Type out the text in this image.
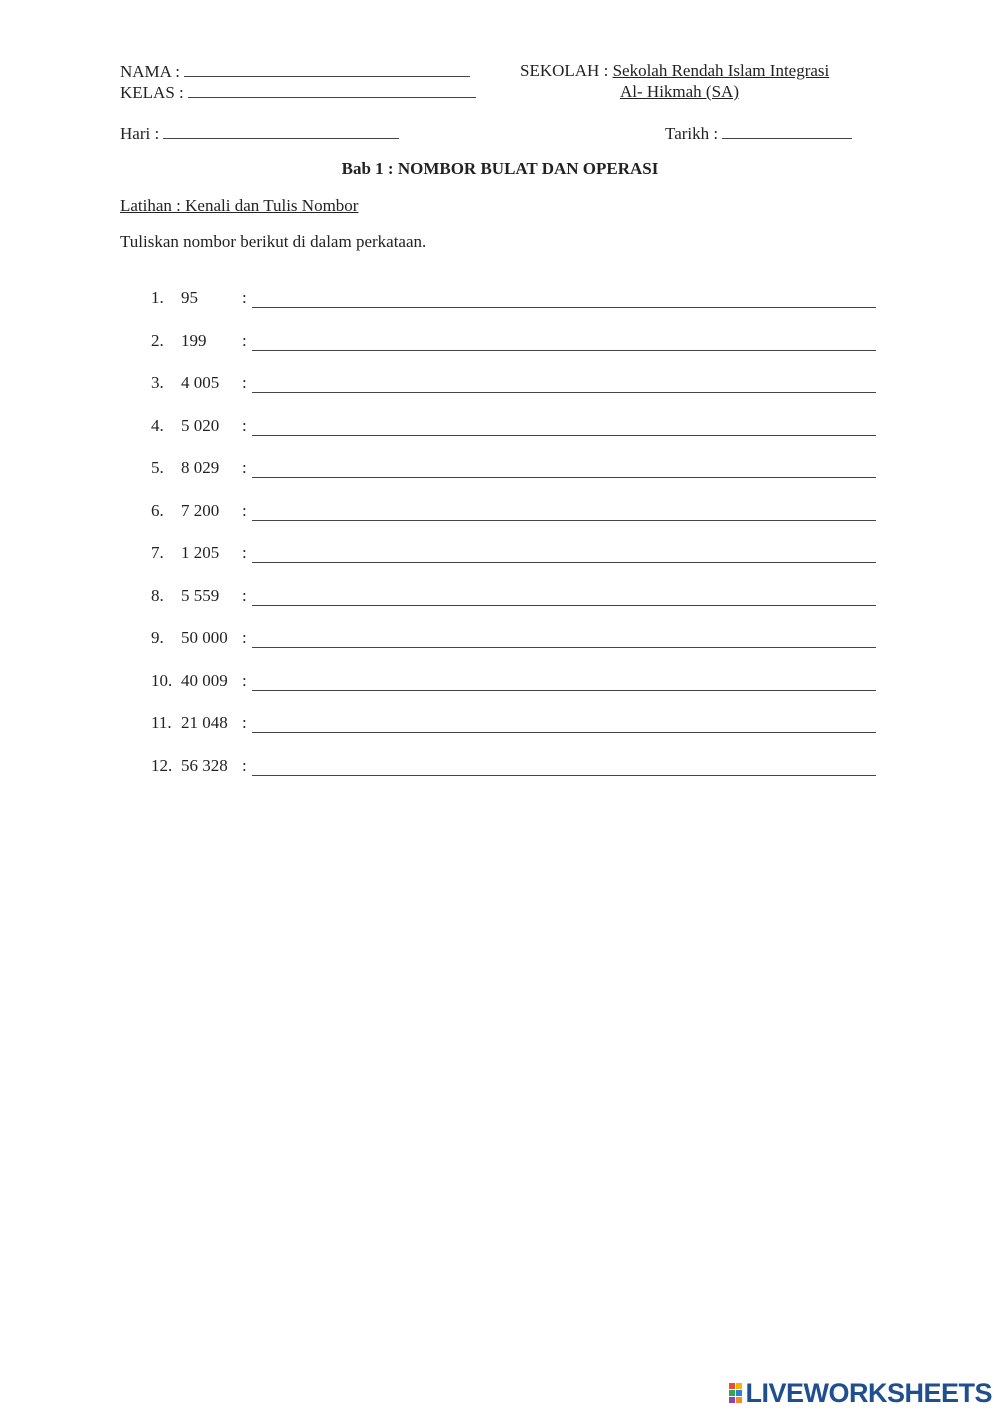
NAMA :
KELAS :
SEKOLAH : Sekolah Rendah Islam Integrasi
Al- Hikmah (SA)
Hari :	Tarikh :
Bab 1 : NOMBOR BULAT DAN OPERASI
Latihan : Kenali dan Tulis Nombor
Tuliskan nombor berikut di dalam perkataan.
1. 95	:
2. 199 :
3. 4 005 :
4. 5 020 :
5. 8 029 :
6. 7 200 :
7. 1 205 :
8. 5 559 :
9. 50 000 :
10. 40 009 :
11. 21 048 :
12. 56 328 :
LIVEWORKSHEETS
